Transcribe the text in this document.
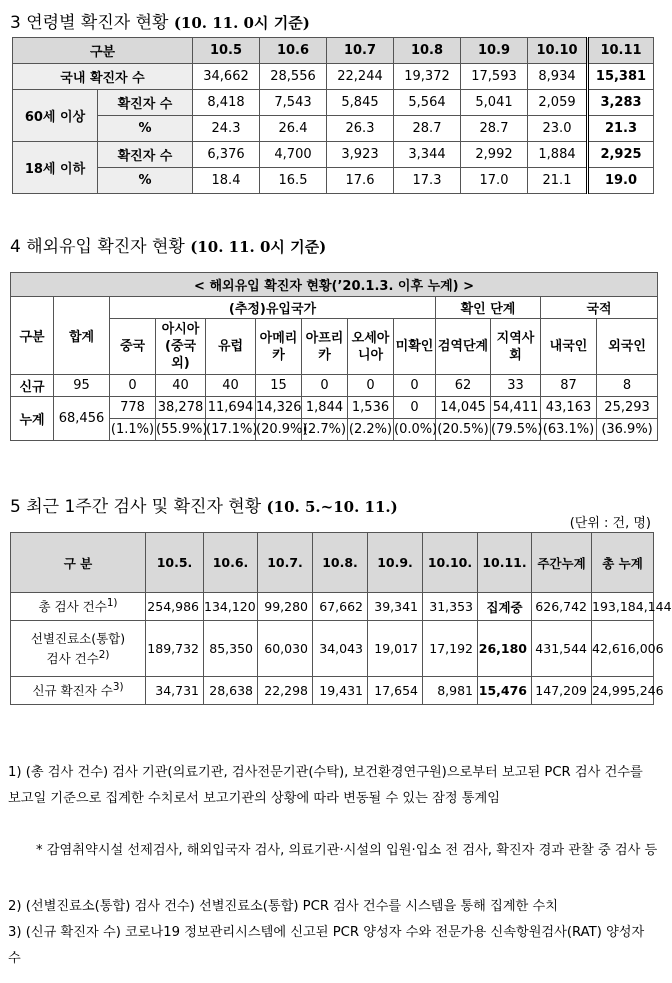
3 연령별 확진자 현황 (10. 11. 0시 기준)
구분		10.5	10.6	10.7	10.8	10.9	10.10	10.11
국내 확진자 수		34,662	28,556	22,244	19,372	17,593	8,934	15,381
60세 이상	확진자 수	8,418	7,543	5,845	5,564	5,041	2,059	3,283
	%	24.3	26.4	26.3	28.7	28.7	23.0	21.3
18세 이하	확진자 수	6,376	4,700	3,923	3,344	2,992	1,884	2,925
	%	18.4	16.5	17.6	17.3	17.0	21.1	19.0
4 해외유입 확진자 현황 (10. 11. 0시 기준)
< 해외유입 확진자 현황(’20.1.3. 이후 누계) >												
구분	합계	(추정)유입국가							확인 단계		국적	
		중국	아시아(중국외)	유럽	아메리카	아프리카	오세아니아	미확인	검역단계	지역사회	내국인	외국인
신규	95	0	40	40	15	0	0	0	62	33	87	8
누계	68,456	778	38,278	11,694	14,326	1,844	1,536	0	14,045	54,411	43,163	25,293
		(1.1%)	(55.9%)	(17.1%)	(20.9%)	(2.7%)	(2.2%)	(0.0%)	(20.5%)	(79.5%)	(63.1%)	(36.9%)
5 최근 1주간 검사 및 확진자 현황 (10. 5.~10. 11.)
(단위 : 건, 명)
구 분	10.5.	10.6.	10.7.	10.8.	10.9.	10.10.	10.11.	주간누계	총 누계
총 검사 건수$^{1)}$	254,986	134,120	99,280	67,662	39,341	31,353	집계중	626,742	193,184,144
선별진료소(통합)
검사 건수$^{2)}$	189,732	85,350	60,030	34,043	19,017	17,192	26,180	431,544	42,616,006
신규 확진자 수$^{3)}$	34,731	28,638	22,298	19,431	17,654	8,981	15,476	147,209	24,995,246
1) (총 검사 건수) 검사 기관(의료기관, 검사전문기관(수탁), 보건환경연구원)으로부터 보고된 PCR 검사 건수를 보고일 기준으로 집계한 수치로서 보고기관의 상황에 따라 변동될 수 있는 잠정 통계임
* 감염취약시설 선제검사, 해외입국자 검사, 의료기관·시설의 입원·입소 전 검사, 확진자 경과 관찰 중 검사 등
2) (선별진료소(통합) 검사 건수) 선별진료소(통합) PCR 검사 건수를 시스템을 통해 집계한 수치
3) (신규 확진자 수) 코로나19 정보관리시스템에 신고된 PCR 양성자 수와 전문가용 신속항원검사(RAT) 양성자 수
